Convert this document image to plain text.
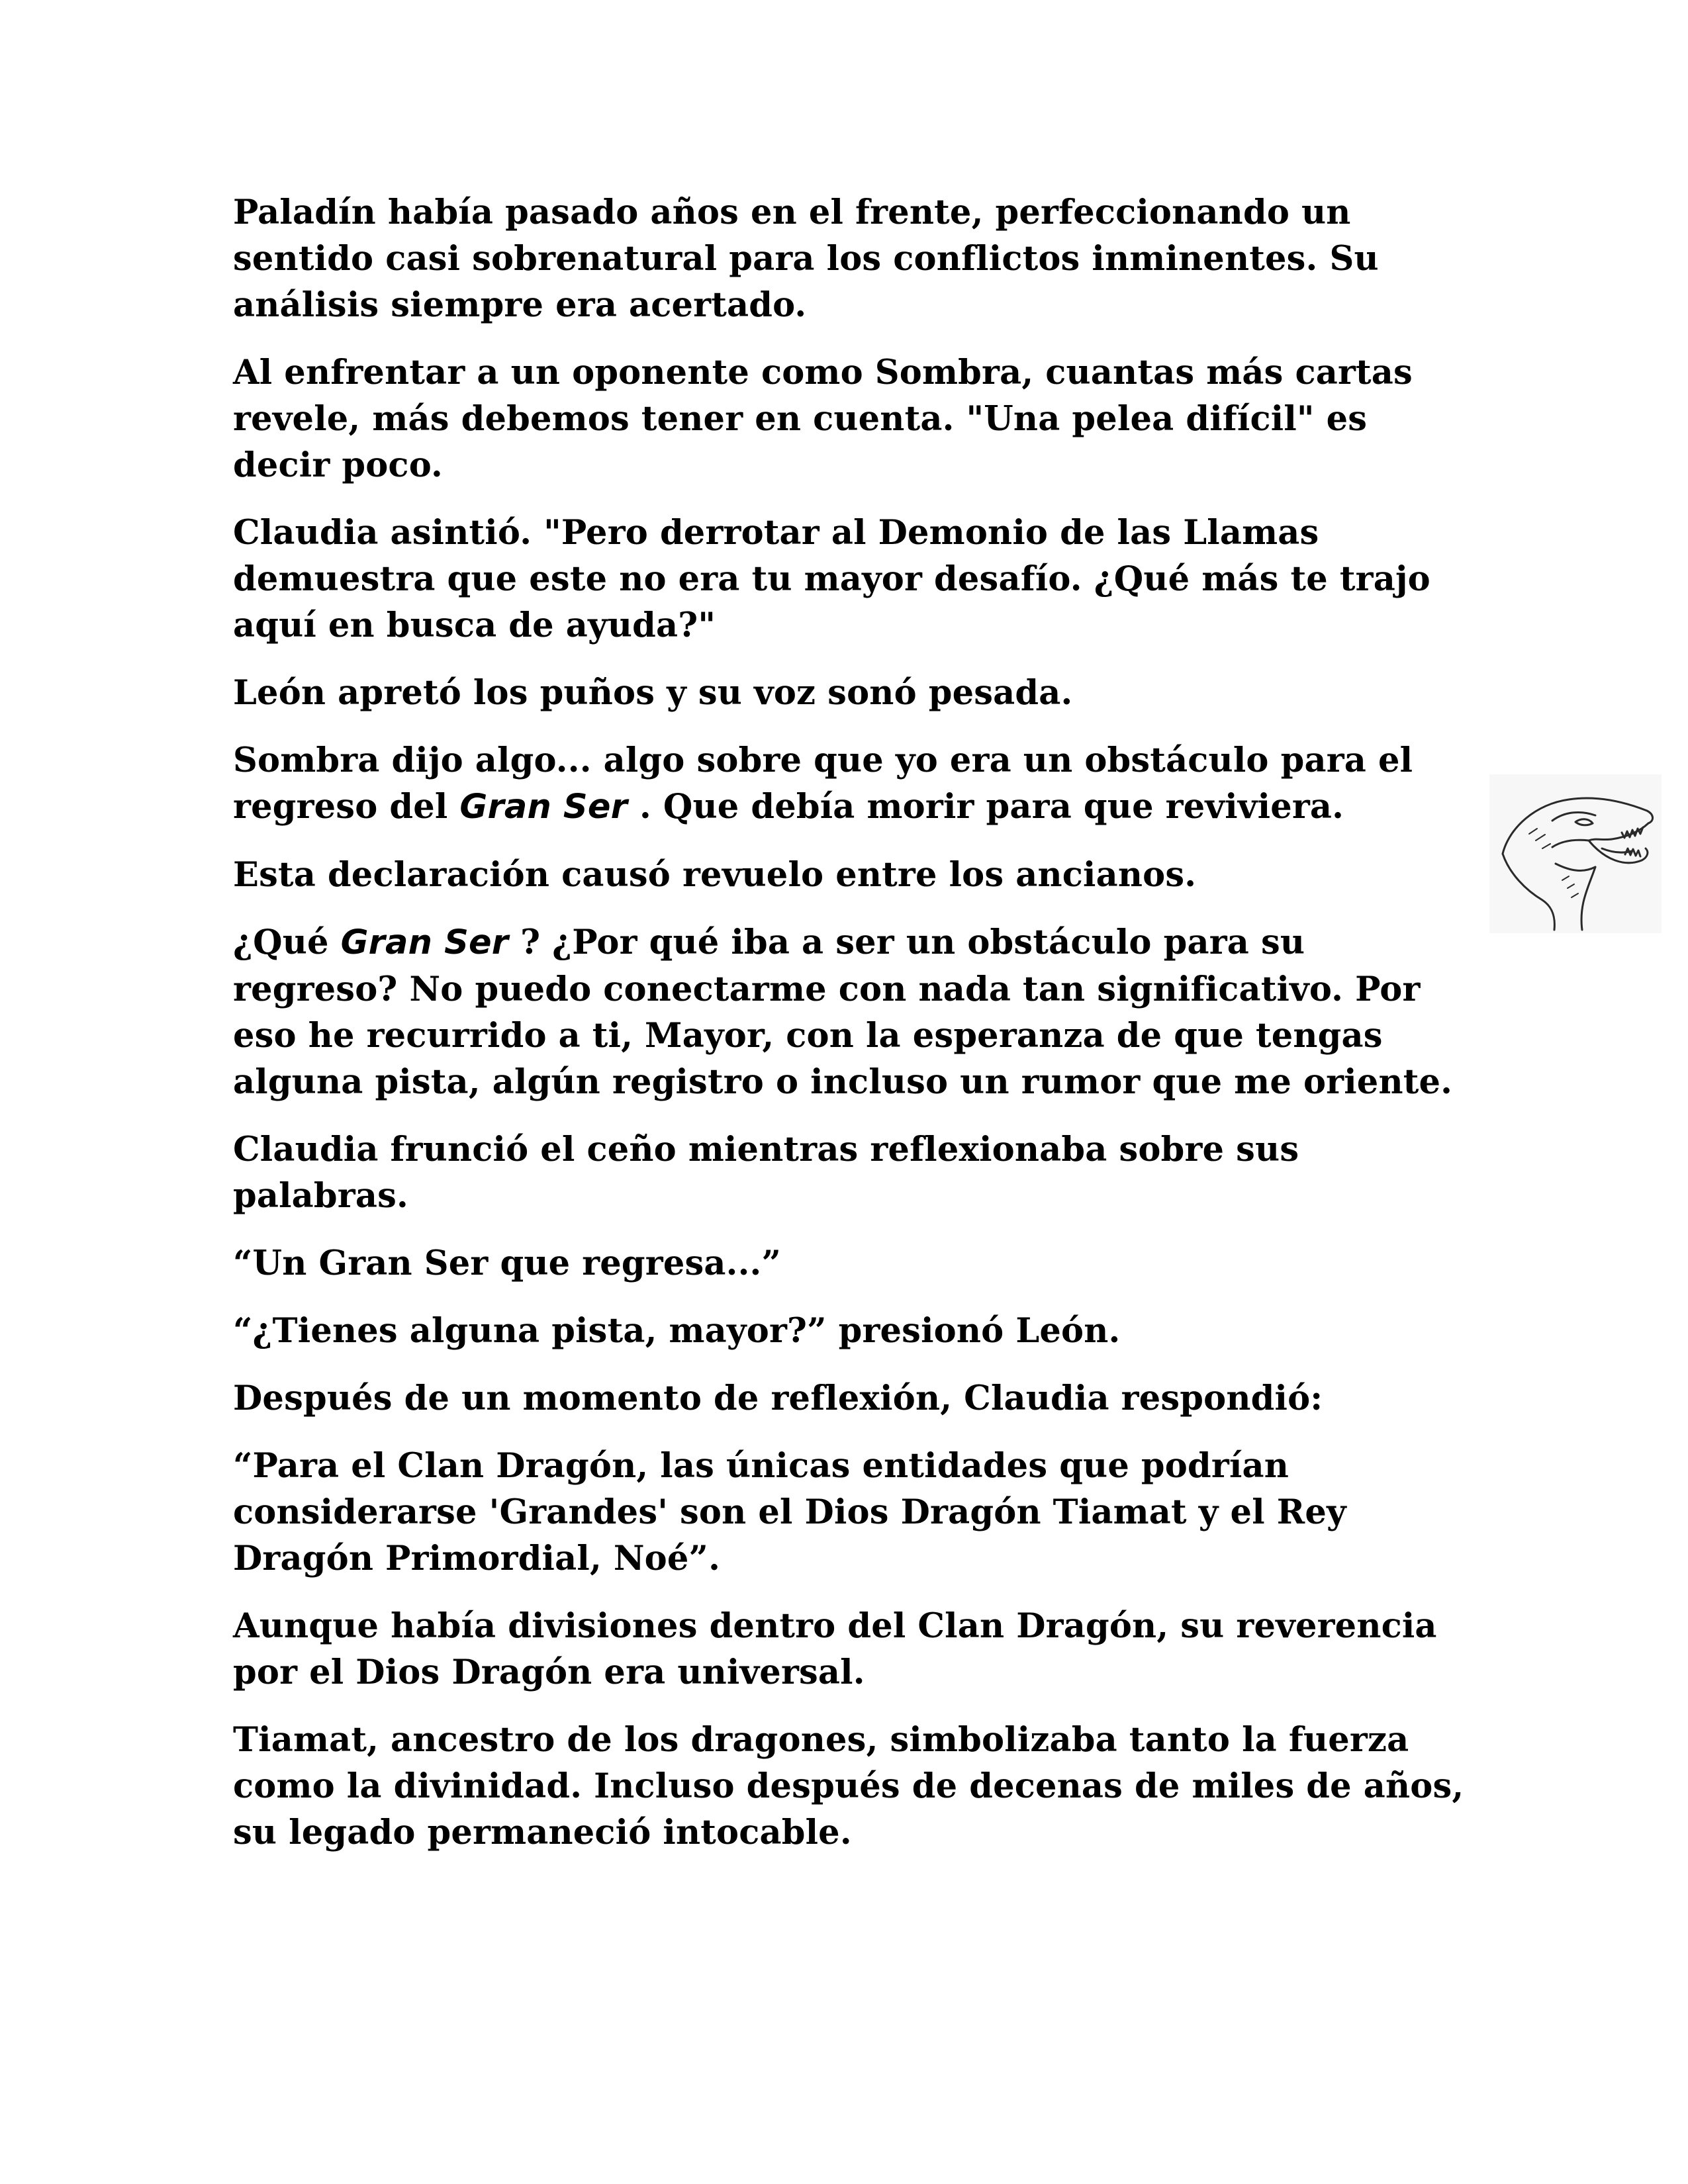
Paladín había pasado años en el frente, perfeccionando un sentido casi sobrenatural para los conflictos inminentes. Su análisis siempre era acertado.

Al enfrentar a un oponente como Sombra, cuantas más cartas revele, más debemos tener en cuenta. "Una pelea difícil" es decir poco.

Claudia asintió. "Pero derrotar al Demonio de las Llamas demuestra que este no era tu mayor desafío. ¿Qué más te trajo aquí en busca de ayuda?"

León apretó los puños y su voz sonó pesada.

Sombra dijo algo... algo sobre que yo era un obstáculo para el regreso del Gran Ser . Que debía morir para que reviviera.

Esta declaración causó revuelo entre los ancianos.

¿Qué Gran Ser ? ¿Por qué iba a ser un obstáculo para su regreso? No puedo conectarme con nada tan significativo. Por eso he recurrido a ti, Mayor, con la esperanza de que tengas alguna pista, algún registro o incluso un rumor que me oriente.

Claudia frunció el ceño mientras reflexionaba sobre sus palabras.

“Un Gran Ser que regresa...”

“¿Tienes alguna pista, mayor?” presionó León.

Después de un momento de reflexión, Claudia respondió:

“Para el Clan Dragón, las únicas entidades que podrían considerarse 'Grandes' son el Dios Dragón Tiamat y el Rey Dragón Primordial, Noé”.

Aunque había divisiones dentro del Clan Dragón, su reverencia por el Dios Dragón era universal.

Tiamat, ancestro de los dragones, simbolizaba tanto la fuerza como la divinidad. Incluso después de decenas de miles de años, su legado permaneció intocable.
